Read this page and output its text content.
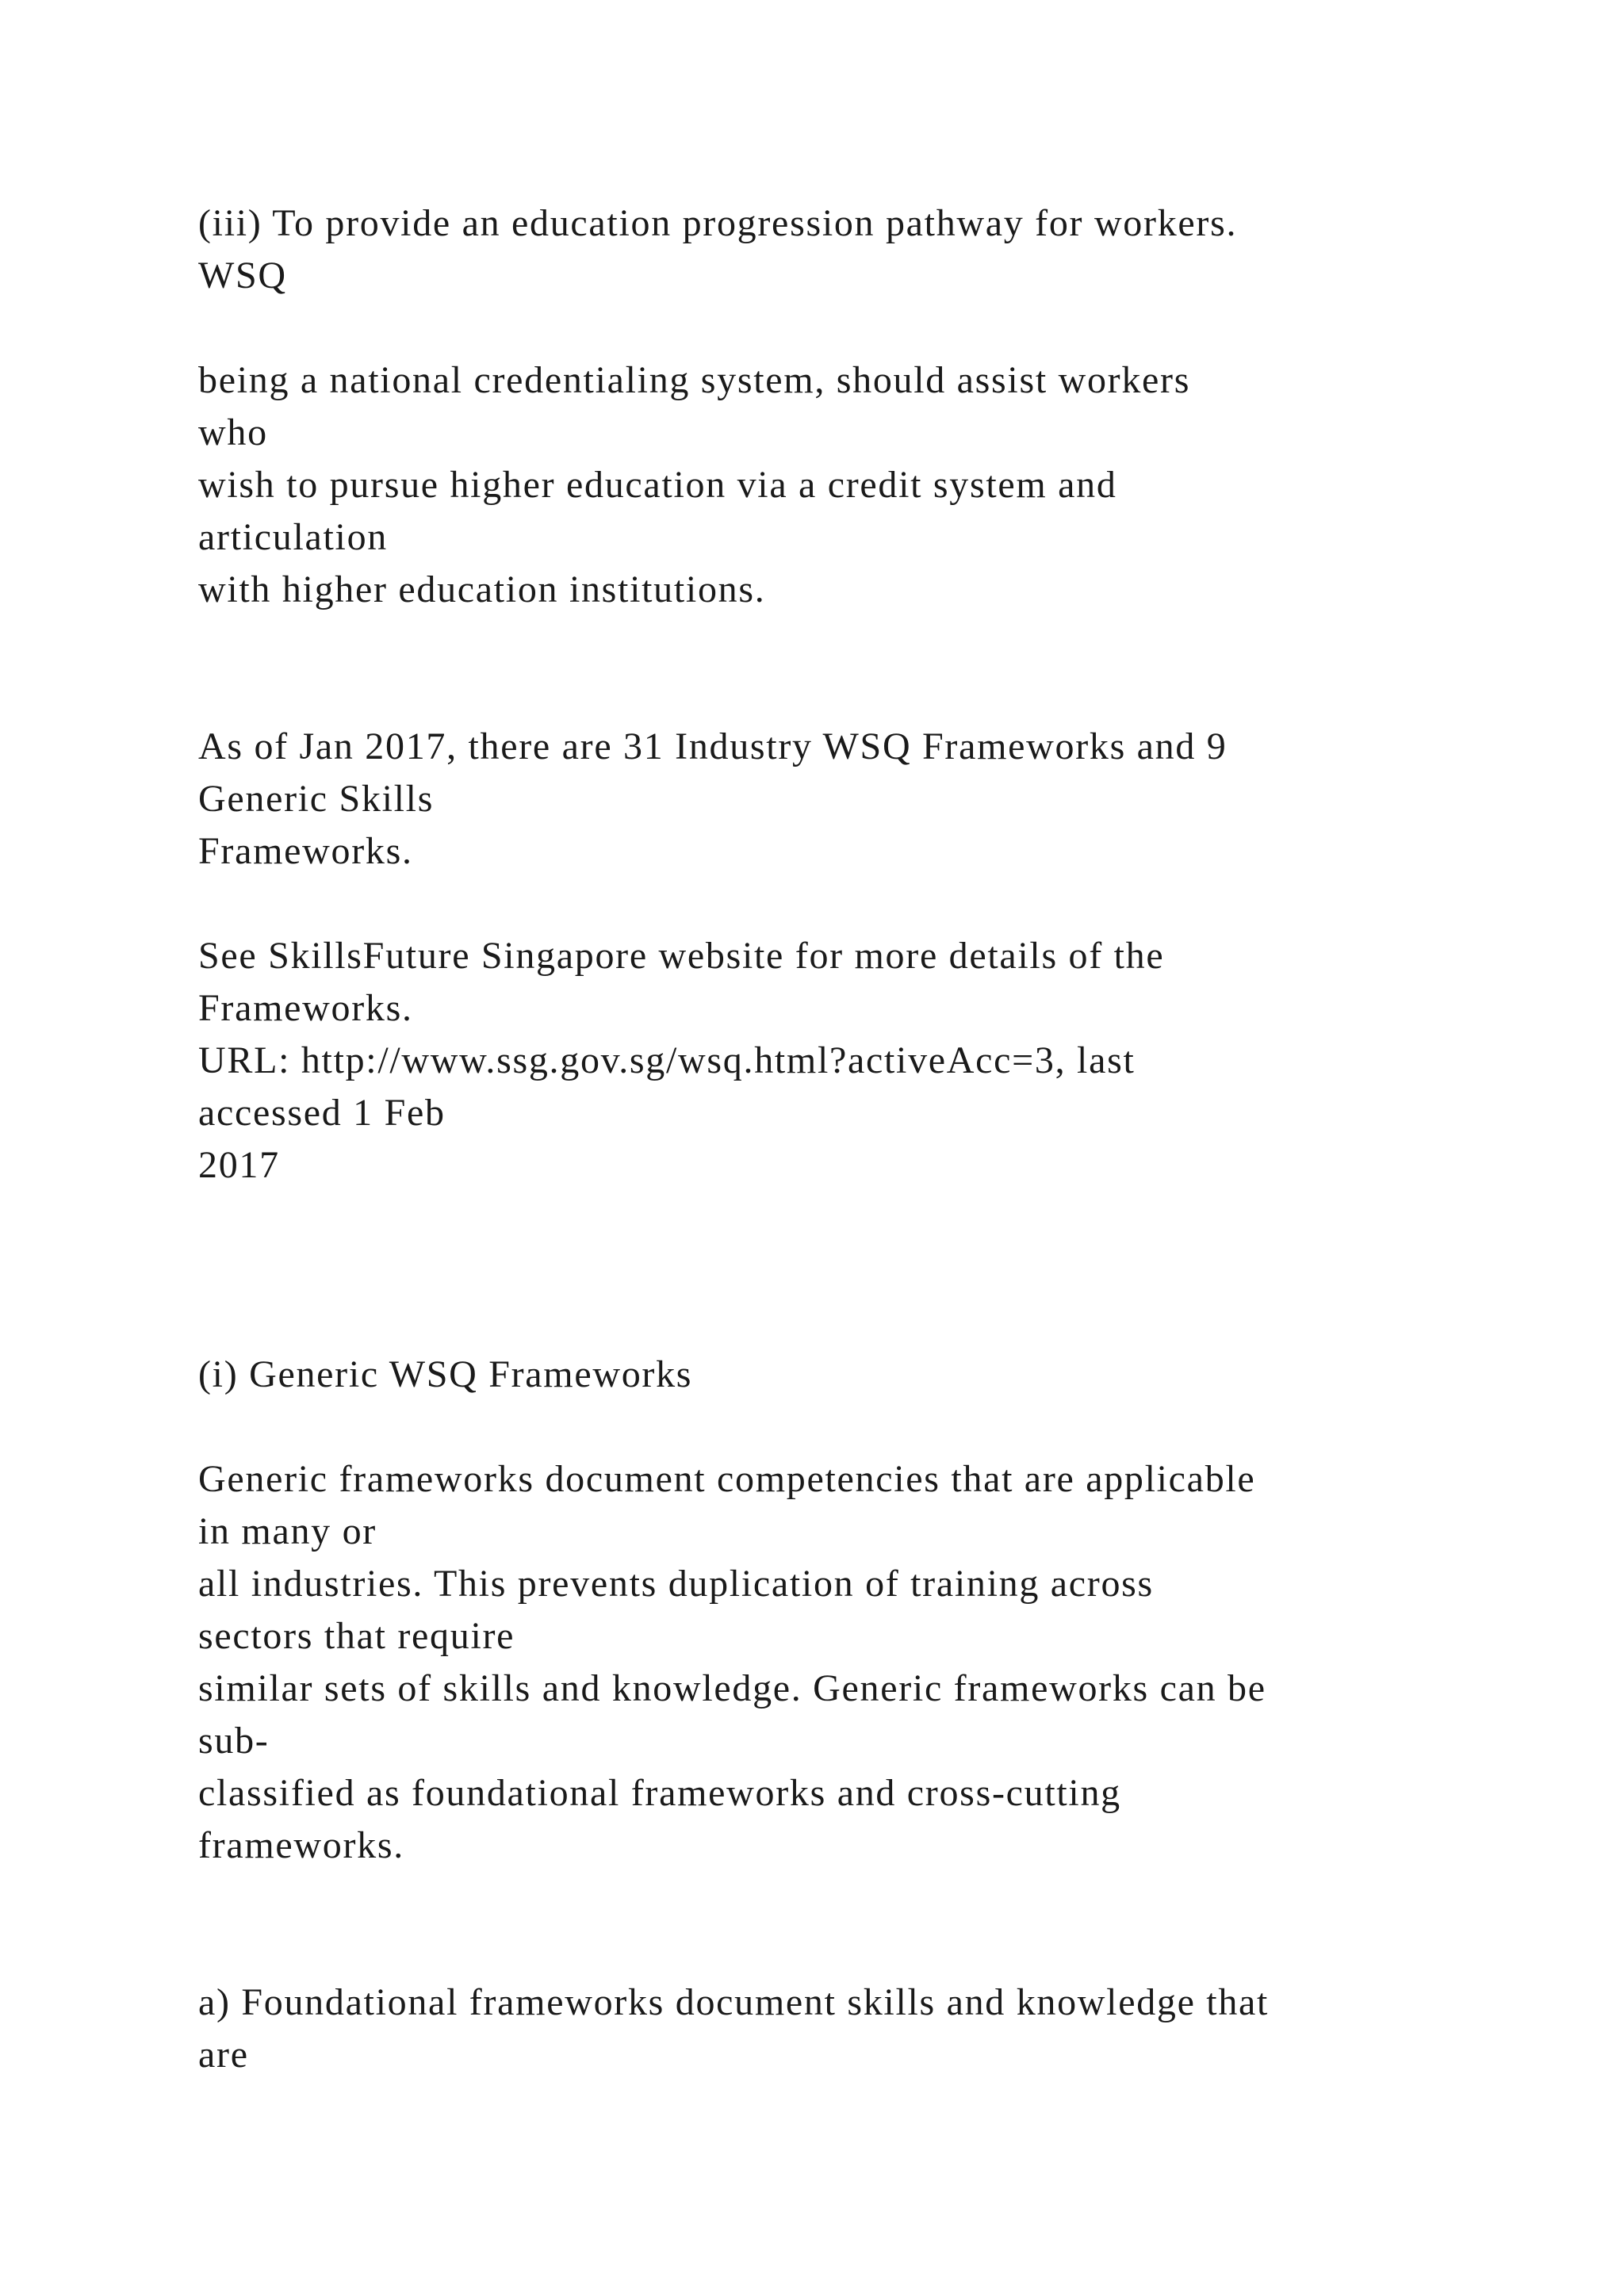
(iii) To provide an education progression pathway for workers.
WSQ
being a national credentialing system, should assist workers
who
wish to pursue higher education via a credit system and
articulation
with higher education institutions.
As of Jan 2017, there are 31 Industry WSQ Frameworks and 9
Generic Skills
Frameworks.
See SkillsFuture Singapore website for more details of the
Frameworks.
URL: http://www.ssg.gov.sg/wsq.html?activeAcc=3, last
accessed 1 Feb
2017
(i) Generic WSQ Frameworks
Generic frameworks document competencies that are applicable
in many or
all industries. This prevents duplication of training across
sectors that require
similar sets of skills and knowledge. Generic frameworks can be
sub-
classified as foundational frameworks and cross-cutting
frameworks.
a) Foundational frameworks document skills and knowledge that
are
